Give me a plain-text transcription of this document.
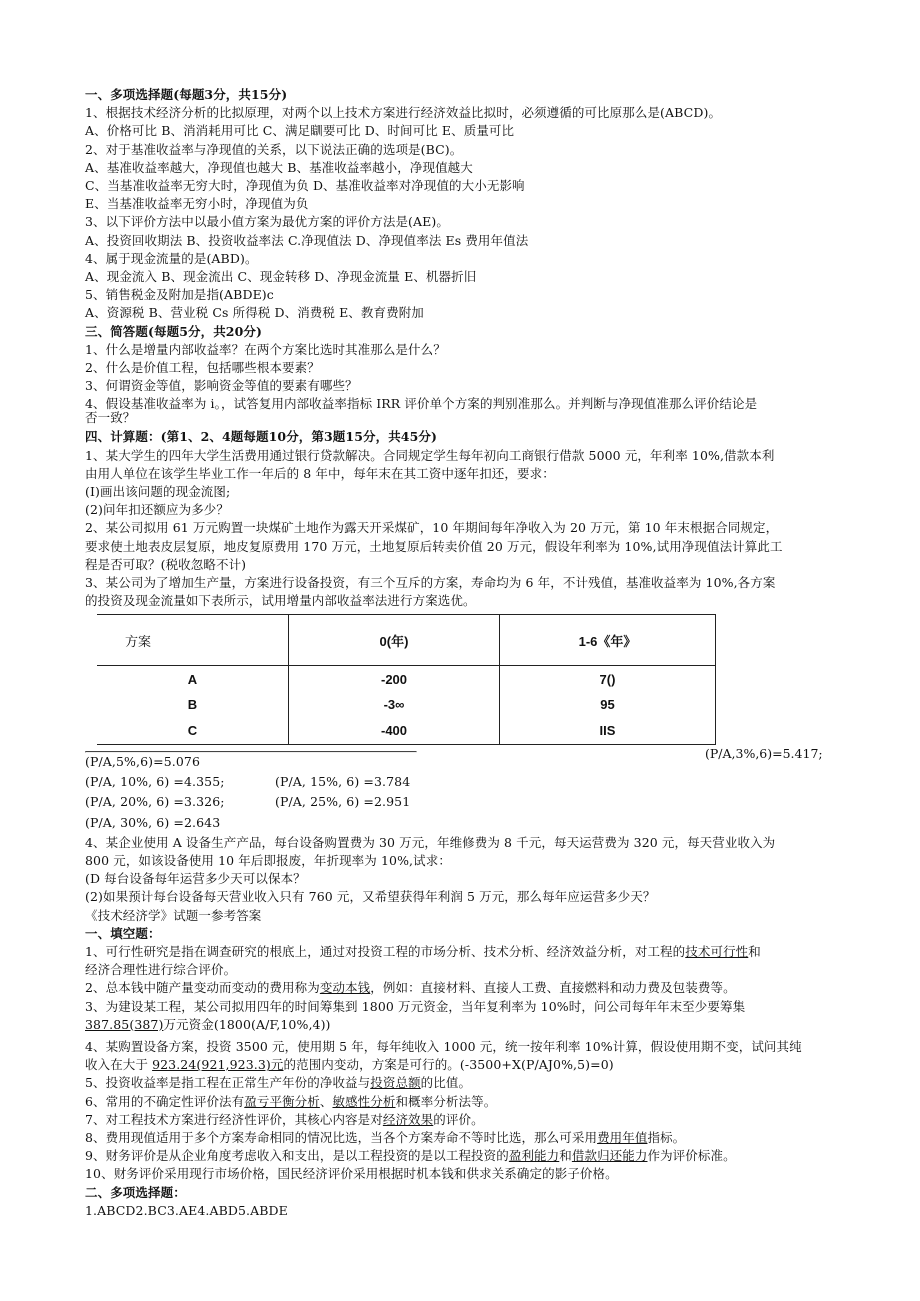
一、多项选择题(每题3分，共15分)
1、根据技术经济分析的比拟原理，对两个以上技术方案进行经济效益比拟时，必须遵循的可比原那么是(ABCD)。
A、价格可比 B、消消耗用可比 C、满足瞓要可比 D、时间可比 E、质量可比
2、对于基准收益率与净现值的关系，以下说法正确的选项是(BC)。
A、基准收益率越大，净现值也越大 B、基准收益率越小，净现值越大
C、当基准收益率无穷大时，净现值为负 D、基准收益率对净现值的大小无影响
E、当基准收益率无穷小时，净现值为负
3、以下评价方法中以最小值方案为最优方案的评价方法是(AE)。
A、投资回收期法 B、投资收益率法 C.净现值法 D、净现值率法 Es 费用年值法
4、属于现金流量的是(ABD)。
A、现金流入 B、现金流出 C、现金转移 D、净现金流量 E、机器折旧
5、销售税金及附加是指(ABDE)c
A、资源税 B、营业税 Cs 所得税 D、消费税 E、教育费附加
三、简答题(每题5分，共20分)
1、什么是增量内部收益率？在两个方案比选时其准那么是什么？
2、什么是价值工程，包括哪些根本要素？
3、何谓资金等值，影响资金等值的要素有哪些？
4、假设基准收益率为 i。，试答复用内部收益率指标 IRR 评价单个方案的判别准那么。并判断与净现值准那么评价结论是
否一致？
四、计算题：(第1、2、4题每题10分，第3题15分，共45分)
1、某大学生的四年大学生活费用通过银行贷款解决。合同规定学生每年初向工商银行借款 5000 元，年利率 10%,借款本利
由用人单位在该学生毕业工作一年后的 8 年中，每年末在其工资中逐年扣还，要求：
(I)画出该问题的现金流图;
(2)问年扣还额应为多少？
2、某公司拟用 61 万元购置一块煤矿土地作为露天开采煤矿，10 年期间每年净收入为 20 万元，第 10 年末根据合同规定，
要求使土地表皮层复原，地皮复原费用 170 万元，土地复原后转卖价值 20 万元，假设年利率为 10%,试用净现值法计算此工
程是否可取？(税收忽略不计)
3、某公司为了增加生产量，方案进行设备投资，有三个互斥的方案，寿命均为 6 年，不计残值，基准收益率为 10%,各方案
的投资及现金流量如下表所示，试用增量内部收益率法进行方案选优。
方案	0(年)	1-6《年》
A	-200	7()
B	-3∞	95
C	-400	IIS
(P∕A,3%,6)=5.417;
(P/A,5%,6)=5.076
(P/A, 10%, 6) =4.355;	(P/A, 15%, 6) =3.784
(P/A, 20%, 6) =3.326;	(P/A, 25%, 6) =2.951
(P/A, 30%, 6) =2.643
4、某企业使用 A 设备生产产品，每台设备购置费为 30 万元，年维修费为 8 千元，每天运营费为 320 元，每天营业收入为
800 元，如该设备使用 10 年后即报废，年折现率为 10%,试求：
(D 每台设备每年运营多少天可以保本？
(2)如果预计每台设备每天营业收入只有 760 元，又希望获得年利润 5 万元，那么每年应运营多少天？
《技术经济学》试题一参考答案
一、填空题：
1、可行性研究是指在调查研究的根底上，通过对投资工程的市场分析、技术分析、经济效益分析，对工程的技术可行性和
经济合理性进行综合评价。
2、总本钱中随产量变动而变动的费用称为变动本钱，例如：直接材料、直接人工费、直接燃料和动力费及包装费等。
3、为建设某工程，某公司拟用四年的时间筹集到 1800 万元资金，当年复利率为 10%时，问公司每年年末至少要筹集
387.85(387)万元资金(1800(A/F,10%,4))
4、某购置设备方案，投资 3500 元，使用期 5 年，每年纯收入 1000 元，统一按年利率 10%计算，假设使用期不变，试问其纯
收入在大于 923.24(921,923.3)元的范围内变动，方案是可行的。(-3500+X(P∕AJ0%,5)=0)
5、投资收益率是指工程在正常生产年份的净收益与投资总额的比值。
6、常用的不确定性评价法有盈亏平衡分析、敏感性分析和概率分析法等。
7、对工程技术方案进行经济性评价，其核心内容是对经济效果的评价。
8、费用现值适用于多个方案寿命相同的情况比选，当各个方案寿命不等时比选，那么可采用费用年值指标。
9、财务评价是从企业角度考虑收入和支出，是以工程投资的是以工程投资的盈利能力和借款归还能力作为评价标准。
10、财务评价采用现行市场价格，国民经济评价采用根据时机本钱和供求关系确定的影子价格。
二、多项选择题：
1.ABCD2.BC3.AE4.ABD5.ABDE
